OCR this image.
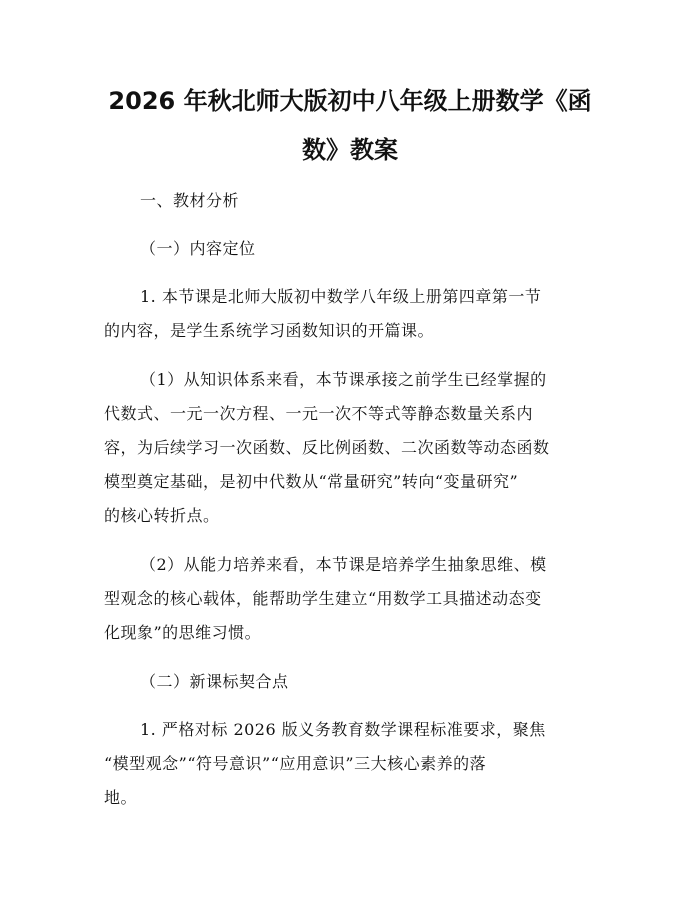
2026 年秋北师大版初中八年级上册数学《函
数》教案

一、教材分析

（一）内容定位

1. 本节课是北师大版初中数学八年级上册第四章第一节

的内容，是学生系统学习函数知识的开篇课。

（1）从知识体系来看，本节课承接之前学生已经掌握的

代数式、一元一次方程、一元一次不等式等静态数量关系内

容，为后续学习一次函数、反比例函数、二次函数等动态函数

模型奠定基础，是初中代数从“常量研究”转向“变量研究”

的核心转折点。

（2）从能力培养来看，本节课是培养学生抽象思维、模

型观念的核心载体，能帮助学生建立“用数学工具描述动态变

化现象”的思维习惯。

（二）新课标契合点

1. 严格对标 2026 版义务教育数学课程标准要求，聚焦

“模型观念”“符号意识”“应用意识”三大核心素养的落

地。
